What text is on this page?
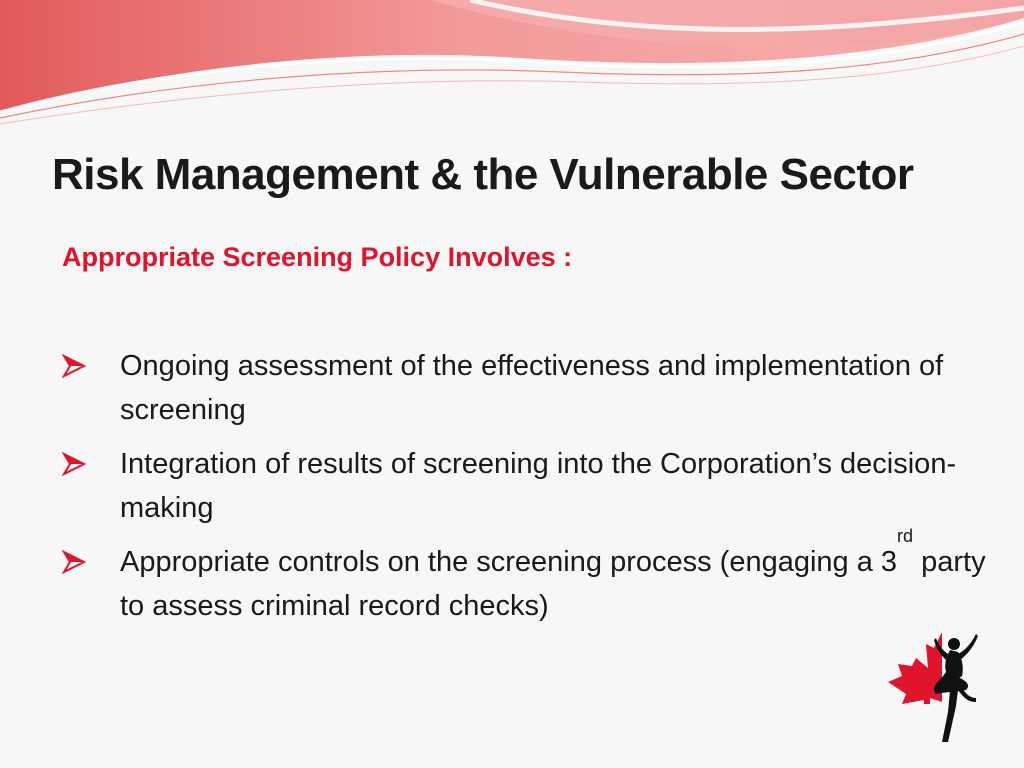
Risk Management & the Vulnerable Sector
Appropriate Screening Policy Involves :
Ongoing assessment of the effectiveness and implementation of screening
Integration of results of screening into the Corporation’s decision-making
Appropriate controls on the screening process (engaging a 3rd party to assess criminal record checks)
